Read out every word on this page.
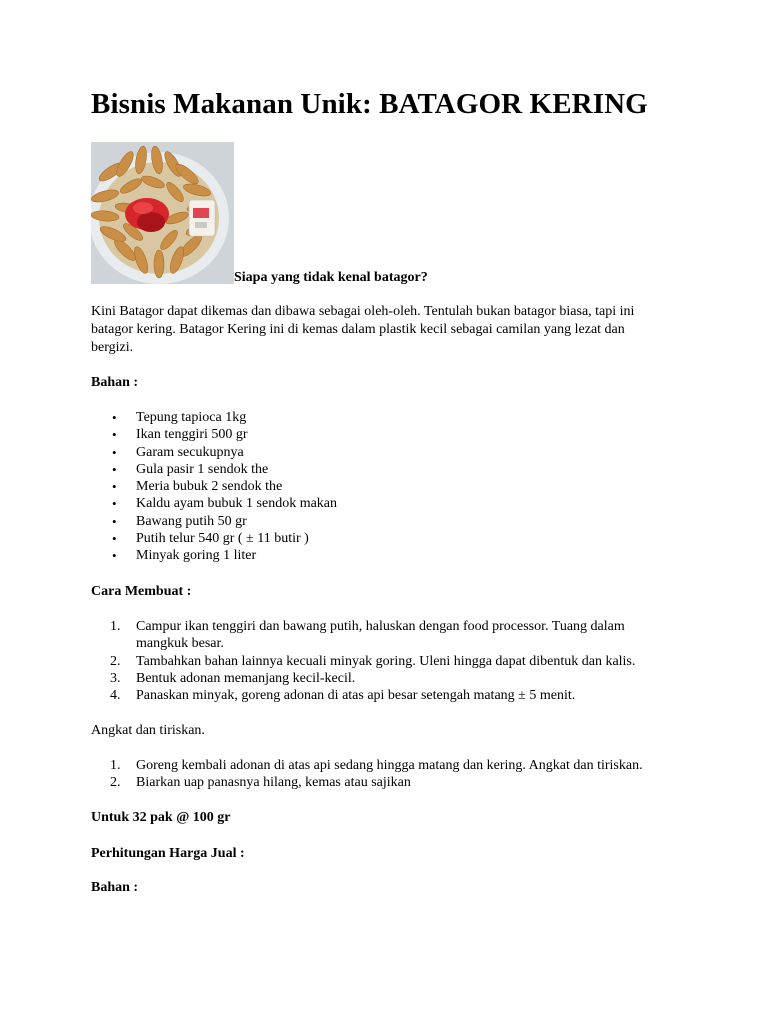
Bisnis Makanan Unik: BATAGOR KERING
Siapa yang tidak kenal batagor?

Kini Batagor dapat dikemas dan dibawa sebagai oleh-oleh. Tentulah bukan batagor biasa, tapi ini
batagor kering. Batagor Kering ini di kemas dalam plastik kecil sebagai camilan yang lezat dan
bergizi.

Bahan :

• Tepung tapioca 1kg
• Ikan tenggiri 500 gr
• Garam secukupnya
• Gula pasir 1 sendok the
• Meria bubuk 2 sendok the
• Kaldu ayam bubuk 1 sendok makan
• Bawang putih 50 gr
• Putih telur 540 gr ( ± 11 butir )
• Minyak goring 1 liter

Cara Membuat :

1. Campur ikan tenggiri dan bawang putih, haluskan dengan food processor. Tuang dalam
mangkuk besar.
2. Tambahkan bahan lainnya kecuali minyak goring. Uleni hingga dapat dibentuk dan kalis.
3. Bentuk adonan memanjang kecil-kecil.
4. Panaskan minyak, goreng adonan di atas api besar setengah matang ± 5 menit.

Angkat dan tiriskan.

1. Goreng kembali adonan di atas api sedang hingga matang dan kering. Angkat dan tiriskan.
2. Biarkan uap panasnya hilang, kemas atau sajikan

Untuk 32 pak @ 100 gr

Perhitungan Harga Jual :

Bahan :
